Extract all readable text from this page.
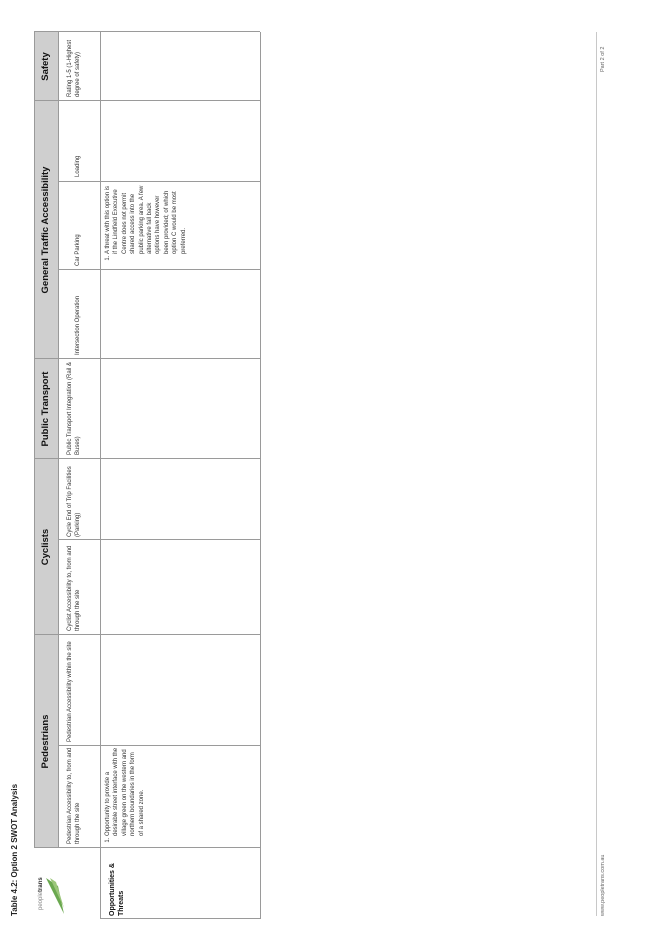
Table 4.2: Option 2 SWOT Analysis	peopletrans
Pedestrians
Cyclists
Public Transport
General Traffic Accessibility
Safety
Pedestrian Accessibility to, from and through the site
Pedestrian Accessibility within the site
Cyclist Accessibility to, from and through the site
Cycle End of Trip Facilities (Parking)
Public Transport Integration (Rail & Buses)
Intersection Operation
Car Parking
Loading
Rating 1-5 (1-Highest degree of safety)
Opportunities & Threats
1. Opportunity to provide a desirable street interface with the village green on the western and northern boundaries in the form of a shared zone.
1. A threat with this option is if the Lindfield Executive Centre does not permit shared access into the public parking area. A few alternative fall back options have however been provided; of which option C would be most preferred.
www.peopletrans.com.au
Part 2 of 2
